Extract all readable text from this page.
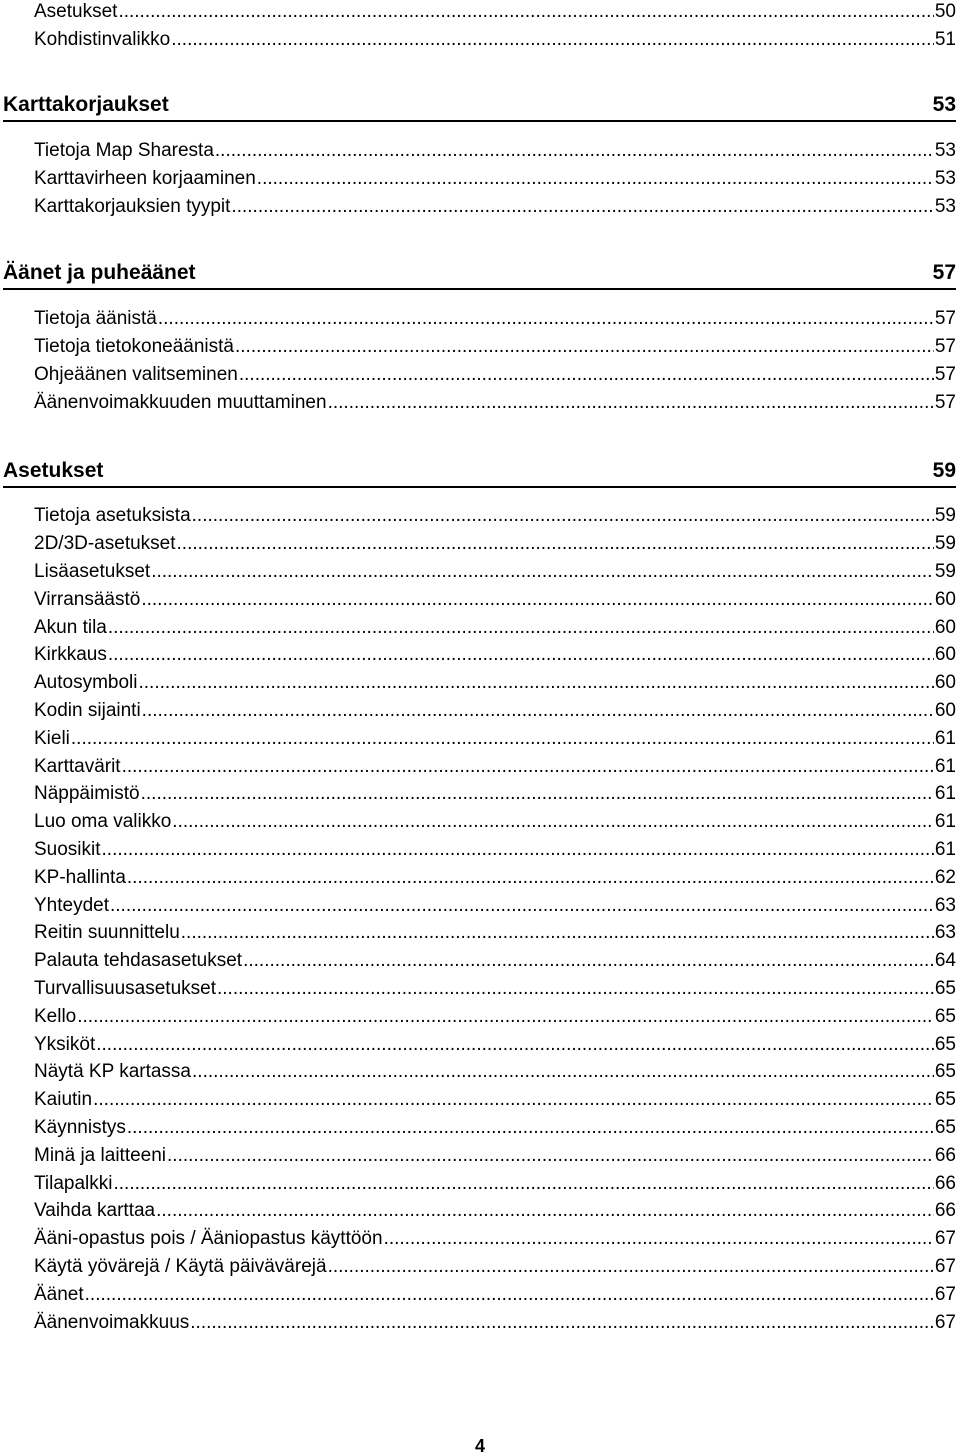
Asetukset .....	50
Kohdistinvalikko .....	51
Karttakorjaukset	53
Tietoja Map Sharesta .....	53
Karttavirheen korjaaminen .....	53
Karttakorjauksien tyypit .....	53
Äänet ja puheäänet	57
Tietoja äänistä .....	57
Tietoja tietokoneäänistä .....	57
Ohjeäänen valitseminen .....	57
Äänenvoimakkuuden muuttaminen .....	57
Asetukset	59
Tietoja asetuksista .....	59
2D/3D-asetukset .....	59
Lisäasetukset .....	59
Virransäästö .....	60
Akun tila .....	60
Kirkkaus .....	60
Autosymboli .....	60
Kodin sijainti .....	60
Kieli .....	61
Karttavärit .....	61
Näppäimistö .....	61
Luo oma valikko .....	61
Suosikit .....	61
KP-hallinta .....	62
Yhteydet .....	63
Reitin suunnittelu .....	63
Palauta tehdasasetukset .....	64
Turvallisuusasetukset .....	65
Kello .....	65
Yksiköt .....	65
Näytä KP kartassa .....	65
Kaiutin .....	65
Käynnistys .....	65
Minä ja laitteeni .....	66
Tilapalkki .....	66
Vaihda karttaa .....	66
Ääni-opastus pois / Ääniopastus käyttöön .....	67
Käytä yövärejä / Käytä päivävärejä .....	67
Äänet .....	67
Äänenvoimakkuus .....	67
4
